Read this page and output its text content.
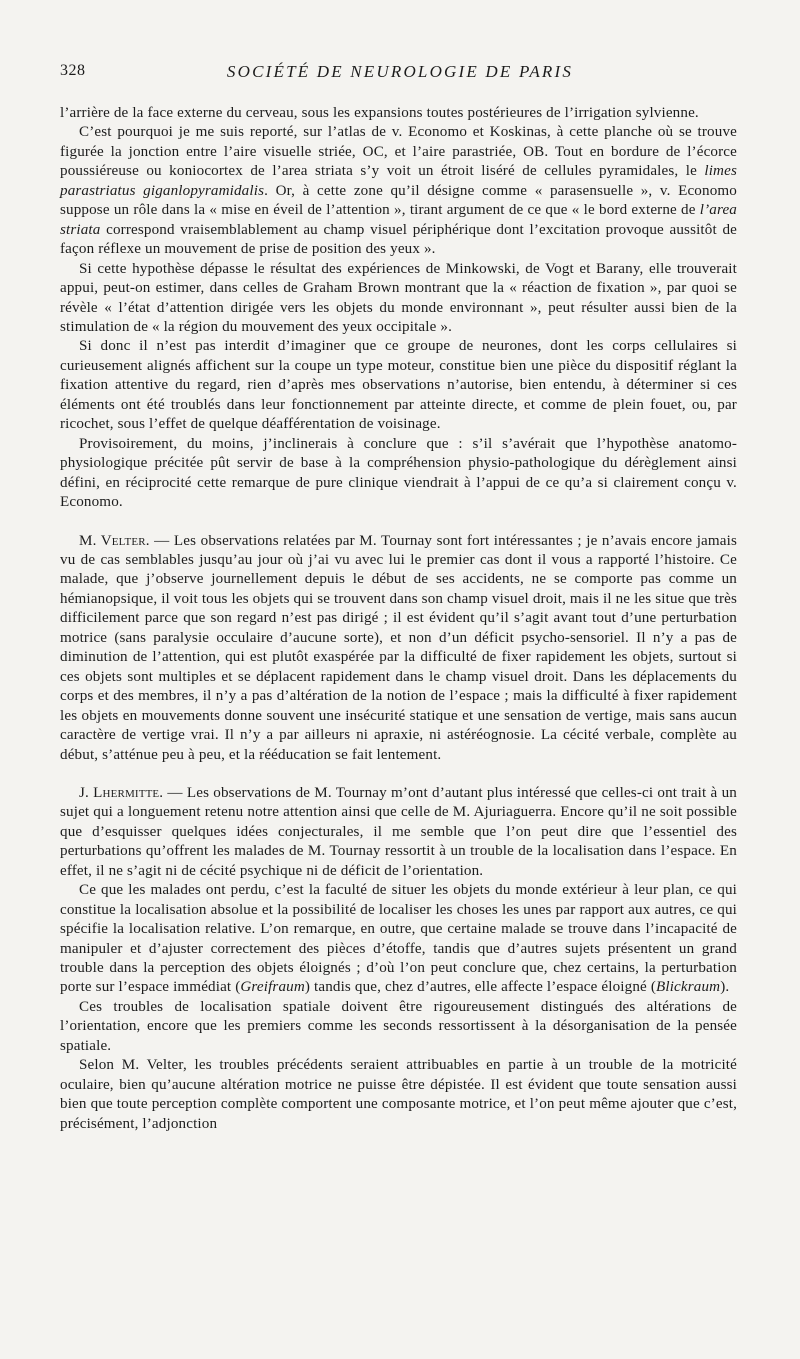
328	SOCIÉTÉ DE NEUROLOGIE DE PARIS

l’arrière de la face externe du cerveau, sous les expansions toutes postérieures de l’irrigation sylvienne.

C’est pourquoi je me suis reporté, sur l’atlas de v. Economo et Koskinas, à cette planche où se trouve figurée la jonction entre l’aire visuelle striée, OC, et l’aire parastriée, OB. Tout en bordure de l’écorce poussiéreuse ou koniocortex de l’area striata s’y voit un étroit liséré de cellules pyramidales, le limes parastriatus giganlopyramidalis. Or, à cette zone qu’il désigne comme « parasensuelle », v. Economo suppose un rôle dans la « mise en éveil de l’attention », tirant argument de ce que « le bord externe de l’area striata correspond vraisemblablement au champ visuel périphérique dont l’excitation provoque aussitôt de façon réflexe un mouvement de prise de position des yeux ».

Si cette hypothèse dépasse le résultat des expériences de Minkowski, de Vogt et Barany, elle trouverait appui, peut-on estimer, dans celles de Graham Brown montrant que la « réaction de fixation », par quoi se révèle « l’état d’attention dirigée vers les objets du monde environnant », peut résulter aussi bien de la stimulation de « la région du mouvement des yeux occipitale ».

Si donc il n’est pas interdit d’imaginer que ce groupe de neurones, dont les corps cellulaires si curieusement alignés affichent sur la coupe un type moteur, constitue bien une pièce du dispositif réglant la fixation attentive du regard, rien d’après mes observations n’autorise, bien entendu, à déterminer si ces éléments ont été troublés dans leur fonctionnement par atteinte directe, et comme de plein fouet, ou, par ricochet, sous l’effet de quelque déafférentation de voisinage.

Provisoirement, du moins, j’inclinerais à conclure que : s’il s’avérait que l’hypothèse anatomo-physiologique précitée pût servir de base à la compréhension physio-pathologique du dérèglement ainsi défini, en réciprocité cette remarque de pure clinique viendrait à l’appui de ce qu’a si clairement conçu v. Economo.

M. Velter. — Les observations relatées par M. Tournay sont fort intéressantes ; je n’avais encore jamais vu de cas semblables jusqu’au jour où j’ai vu avec lui le premier cas dont il vous a rapporté l’histoire. Ce malade, que j’observe journellement depuis le début de ses accidents, ne se comporte pas comme un hémianopsique, il voit tous les objets qui se trouvent dans son champ visuel droit, mais il ne les situe que très difficilement parce que son regard n’est pas dirigé ; il est évident qu’il s’agit avant tout d’une perturbation motrice (sans paralysie occulaire d’aucune sorte), et non d’un déficit psycho-sensoriel. Il n’y a pas de diminution de l’attention, qui est plutôt exaspérée par la difficulté de fixer rapidement les objets, surtout si ces objets sont multiples et se déplacent rapidement dans le champ visuel droit. Dans les déplacements du corps et des membres, il n’y a pas d’altération de la notion de l’espace ; mais la difficulté à fixer rapidement les objets en mouvements donne souvent une insécurité statique et une sensation de vertige, mais sans aucun caractère de vertige vrai. Il n’y a par ailleurs ni apraxie, ni astéréognosie. La cécité verbale, complète au début, s’atténue peu à peu, et la rééducation se fait lentement.

J. Lhermitte. — Les observations de M. Tournay m’ont d’autant plus intéressé que celles-ci ont trait à un sujet qui a longuement retenu notre attention ainsi que celle de M. Ajuriaguerra. Encore qu’il ne soit possible que d’esquisser quelques idées conjecturales, il me semble que l’on peut dire que l’essentiel des perturbations qu’offrent les malades de M. Tournay ressortit à un trouble de la localisation dans l’espace. En effet, il ne s’agit ni de cécité psychique ni de déficit de l’orientation.

Ce que les malades ont perdu, c’est la faculté de situer les objets du monde extérieur à leur plan, ce qui constitue la localisation absolue et la possibilité de localiser les choses les unes par rapport aux autres, ce qui spécifie la localisation relative. L’on remarque, en outre, que certaine malade se trouve dans l’incapacité de manipuler et d’ajuster correctement des pièces d’étoffe, tandis que d’autres sujets présentent un grand trouble dans la perception des objets éloignés ; d’où l’on peut conclure que, chez certains, la perturbation porte sur l’espace immédiat (Greifraum) tandis que, chez d’autres, elle affecte l’espace éloigné (Blickraum).

Ces troubles de localisation spatiale doivent être rigoureusement distingués des altérations de l’orientation, encore que les premiers comme les seconds ressortissent à la désorganisation de la pensée spatiale.

Selon M. Velter, les troubles précédents seraient attribuables en partie à un trouble de la motricité oculaire, bien qu’aucune altération motrice ne puisse être dépistée. Il est évident que toute sensation aussi bien que toute perception complète comportent une composante motrice, et l’on peut même ajouter que c’est, précisément, l’adjonction
